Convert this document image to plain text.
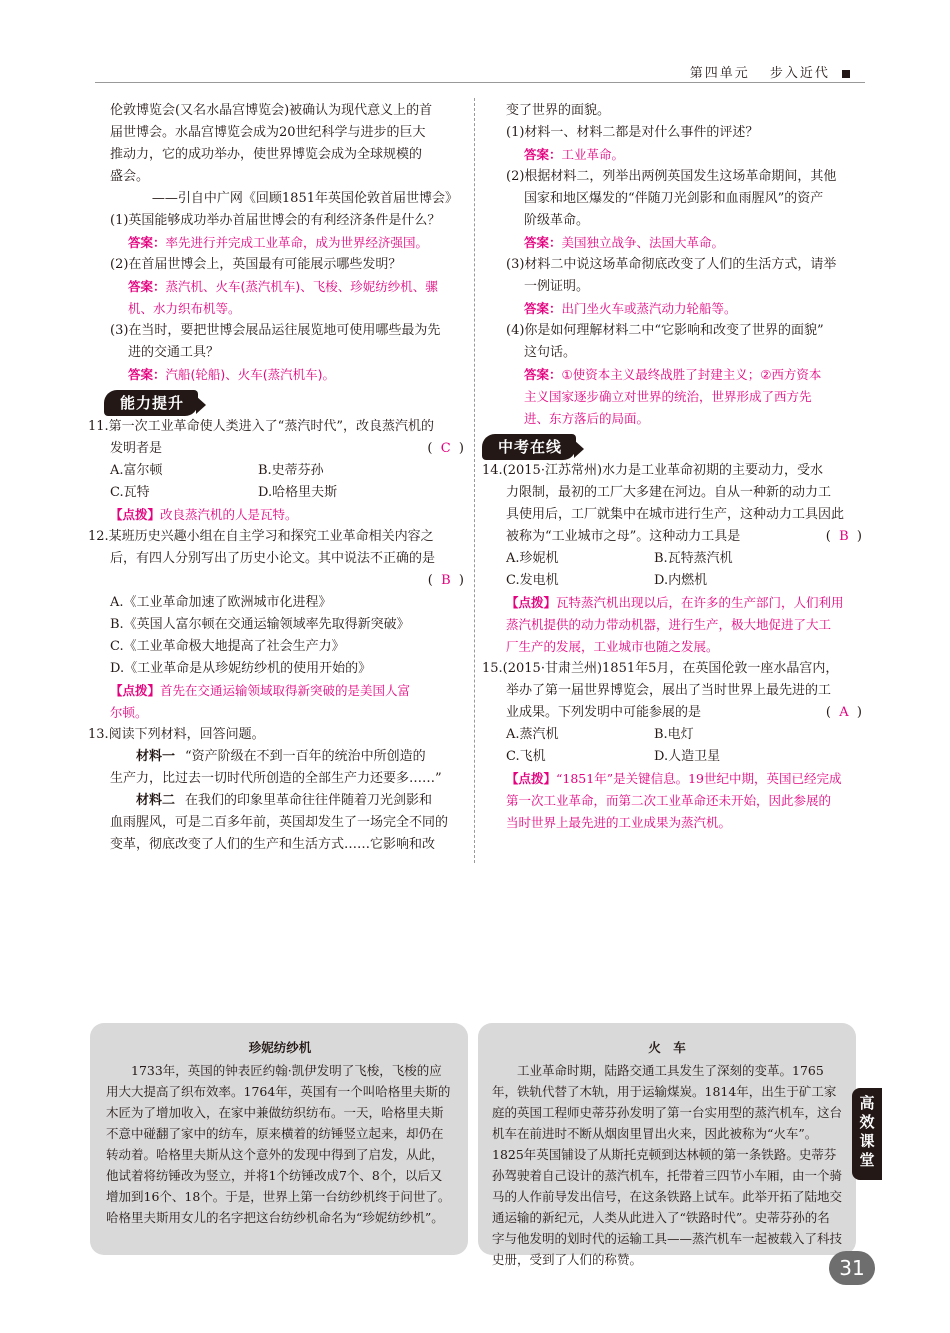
第四单元 步入近代

伦敦博览会(又名水晶宫博览会)被确认为现代意义上的首

届世博会。水晶宫博览会成为20世纪科学与进步的巨大

推动力，它的成功举办，使世界博览会成为全球规模的

盛会。

——引自中广网《回顾1851年英国伦敦首届世博会》

(1)英国能够成功举办首届世博会的有利经济条件是什么？

答案：率先进行并完成工业革命，成为世界经济强国。

(2)在首届世博会上，英国最有可能展示哪些发明？

答案：蒸汽机、火车(蒸汽机车)、飞梭、珍妮纺纱机、骡

机、水力织布机等。

(3)在当时，要把世博会展品运往展览地可使用哪些最为先

进的交通工具？

答案：汽船(轮船)、火车(蒸汽机车)。

能力提升

11.第一次工业革命使人类进入了“蒸汽时代”，改良蒸汽机的

发明者是	(  C  )

A.富尔顿	B.史蒂芬孙
C.瓦特	D.哈格里夫斯

【点拨】改良蒸汽机的人是瓦特。

12.某班历史兴趣小组在自主学习和探究工业革命相关内容之

后，有四人分别写出了历史小论文。其中说法不正确的是

(  B  )

A.《工业革命加速了欧洲城市化进程》

B.《英国人富尔顿在交通运输领域率先取得新突破》

C.《工业革命极大地提高了社会生产力》

D.《工业革命是从珍妮纺纱机的使用开始的》

【点拨】首先在交通运输领域取得新突破的是美国人富

尔顿。

13.阅读下列材料，回答问题。

材料一 “资产阶级在不到一百年的统治中所创造的

生产力，比过去一切时代所创造的全部生产力还要多……”

材料二 在我们的印象里革命往往伴随着刀光剑影和

血雨腥风，可是二百多年前，英国却发生了一场完全不同的

变革，彻底改变了人们的生产和生活方式……它影响和改

变了世界的面貌。

(1)材料一、材料二都是对什么事件的评述？

答案：工业革命。

(2)根据材料二，列举出两例英国发生这场革命期间，其他

国家和地区爆发的“伴随刀光剑影和血雨腥风”的资产

阶级革命。

答案：美国独立战争、法国大革命。

(3)材料二中说这场革命彻底改变了人们的生活方式，请举

一例证明。

答案：出门坐火车或蒸汽动力轮船等。

(4)你是如何理解材料二中“它影响和改变了世界的面貌”

这句话。

答案：①使资本主义最终战胜了封建主义；②西方资本

主义国家逐步确立对世界的统治，世界形成了西方先

进、东方落后的局面。

中考在线

14.(2015·江苏常州)水力是工业革命初期的主要动力，受水

力限制，最初的工厂大多建在河边。自从一种新的动力工

具使用后，工厂就集中在城市进行生产，这种动力工具因此

被称为“工业城市之母”。这种动力工具是	(  B  )

A.珍妮机	B.瓦特蒸汽机
C.发电机	D.内燃机

【点拨】瓦特蒸汽机出现以后，在许多的生产部门，人们利用

蒸汽机提供的动力带动机器，进行生产，极大地促进了大工

厂生产的发展，工业城市也随之发展。

15.(2015·甘肃兰州)1851年5月，在英国伦敦一座水晶宫内，

举办了第一届世界博览会，展出了当时世界上最先进的工

业成果。下列发明中可能参展的是	(  A  )

A.蒸汽机	B.电灯
C.飞机	D.人造卫星

【点拨】“1851年”是关键信息。19世纪中期，英国已经完成

第一次工业革命，而第二次工业革命还未开始，因此参展的

当时世界上最先进的工业成果为蒸汽机。

珍妮纺纱机

1733年，英国的钟表匠约翰·凯伊发明了飞梭，飞梭的应用大大提高了织布效率。1764年，英国有一个叫哈格里夫斯的木匠为了增加收入，在家中兼做纺织纺布。一天，哈格里夫斯不意中碰翻了家中的纺车，原来横着的纺锤竖立起来，却仍在转动着。哈格里夫斯从这个意外的发现中得到了启发，从此，他试着将纺锤改为竖立，并将1个纺锤改成7个、8个，以后又增加到16个、18个。于是，世界上第一台纺纱机终于问世了。哈格里夫斯用女儿的名字把这台纺纱机命名为“珍妮纺纱机”。

火　车

工业革命时期，陆路交通工具发生了深刻的变革。1765年，铁轨代替了木轨，用于运输煤炭。1814年，出生于矿工家庭的英国工程师史蒂芬孙发明了第一台实用型的蒸汽机车，这台机车在前进时不断从烟囱里冒出火来，因此被称为“火车”。1825年英国铺设了从斯托克顿到达林顿的第一条铁路。史蒂芬孙驾驶着自己设计的蒸汽机车，托带着三四节小车厢，由一个骑马的人作前导发出信号，在这条铁路上试车。此举开拓了陆地交通运输的新纪元，人类从此进入了“铁路时代”。史蒂芬孙的名字与他发明的划时代的运输工具——蒸汽机车一起被载入了科技史册，受到了人们的称赞。

高效课堂
31
